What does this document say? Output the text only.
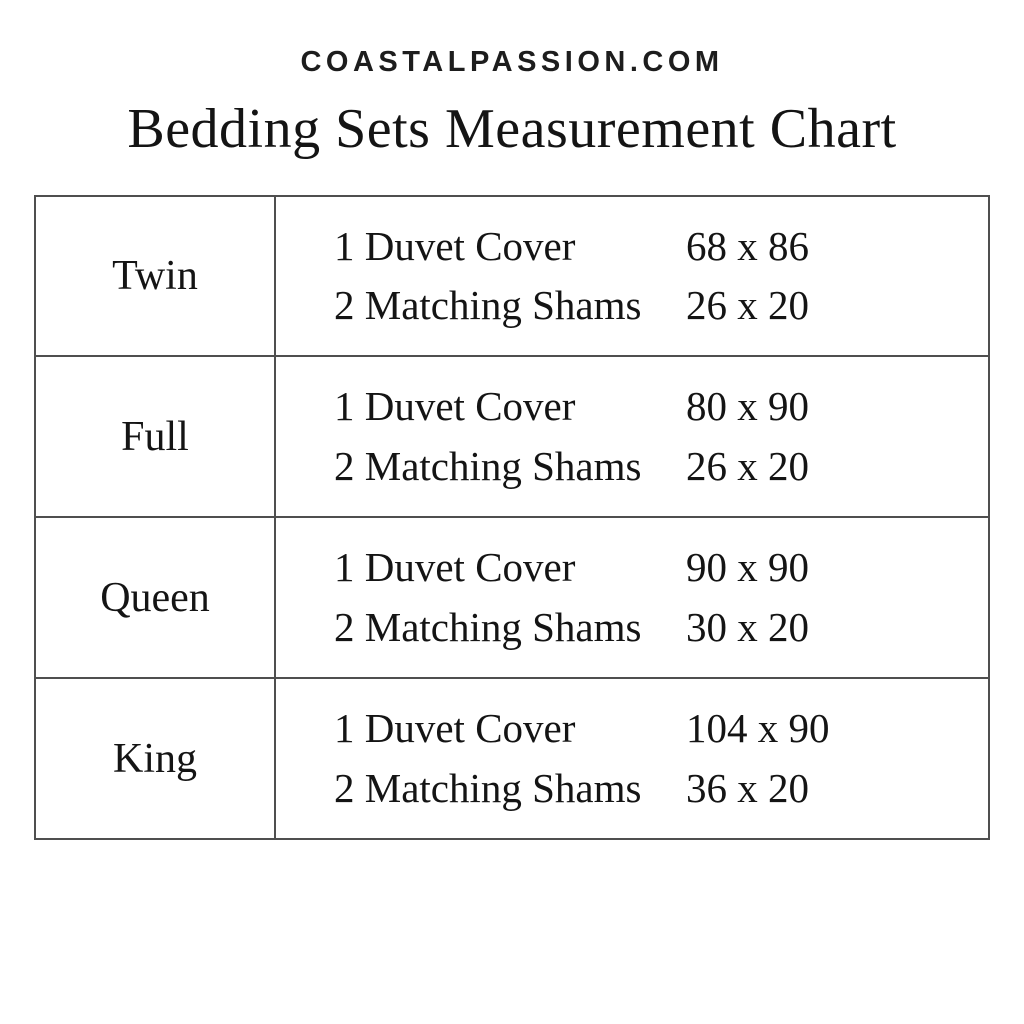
COASTALPASSION.COM
Bedding Sets Measurement Chart
Twin	1 Duvet Cover 68 x 86
2 Matching Shams 26 x 20

Full	1 Duvet Cover 80 x 90
2 Matching Shams 26 x 20

Queen	1 Duvet Cover 90 x 90
2 Matching Shams 30 x 20

King	1 Duvet Cover 104 x 90
2 Matching Shams 36 x 20
